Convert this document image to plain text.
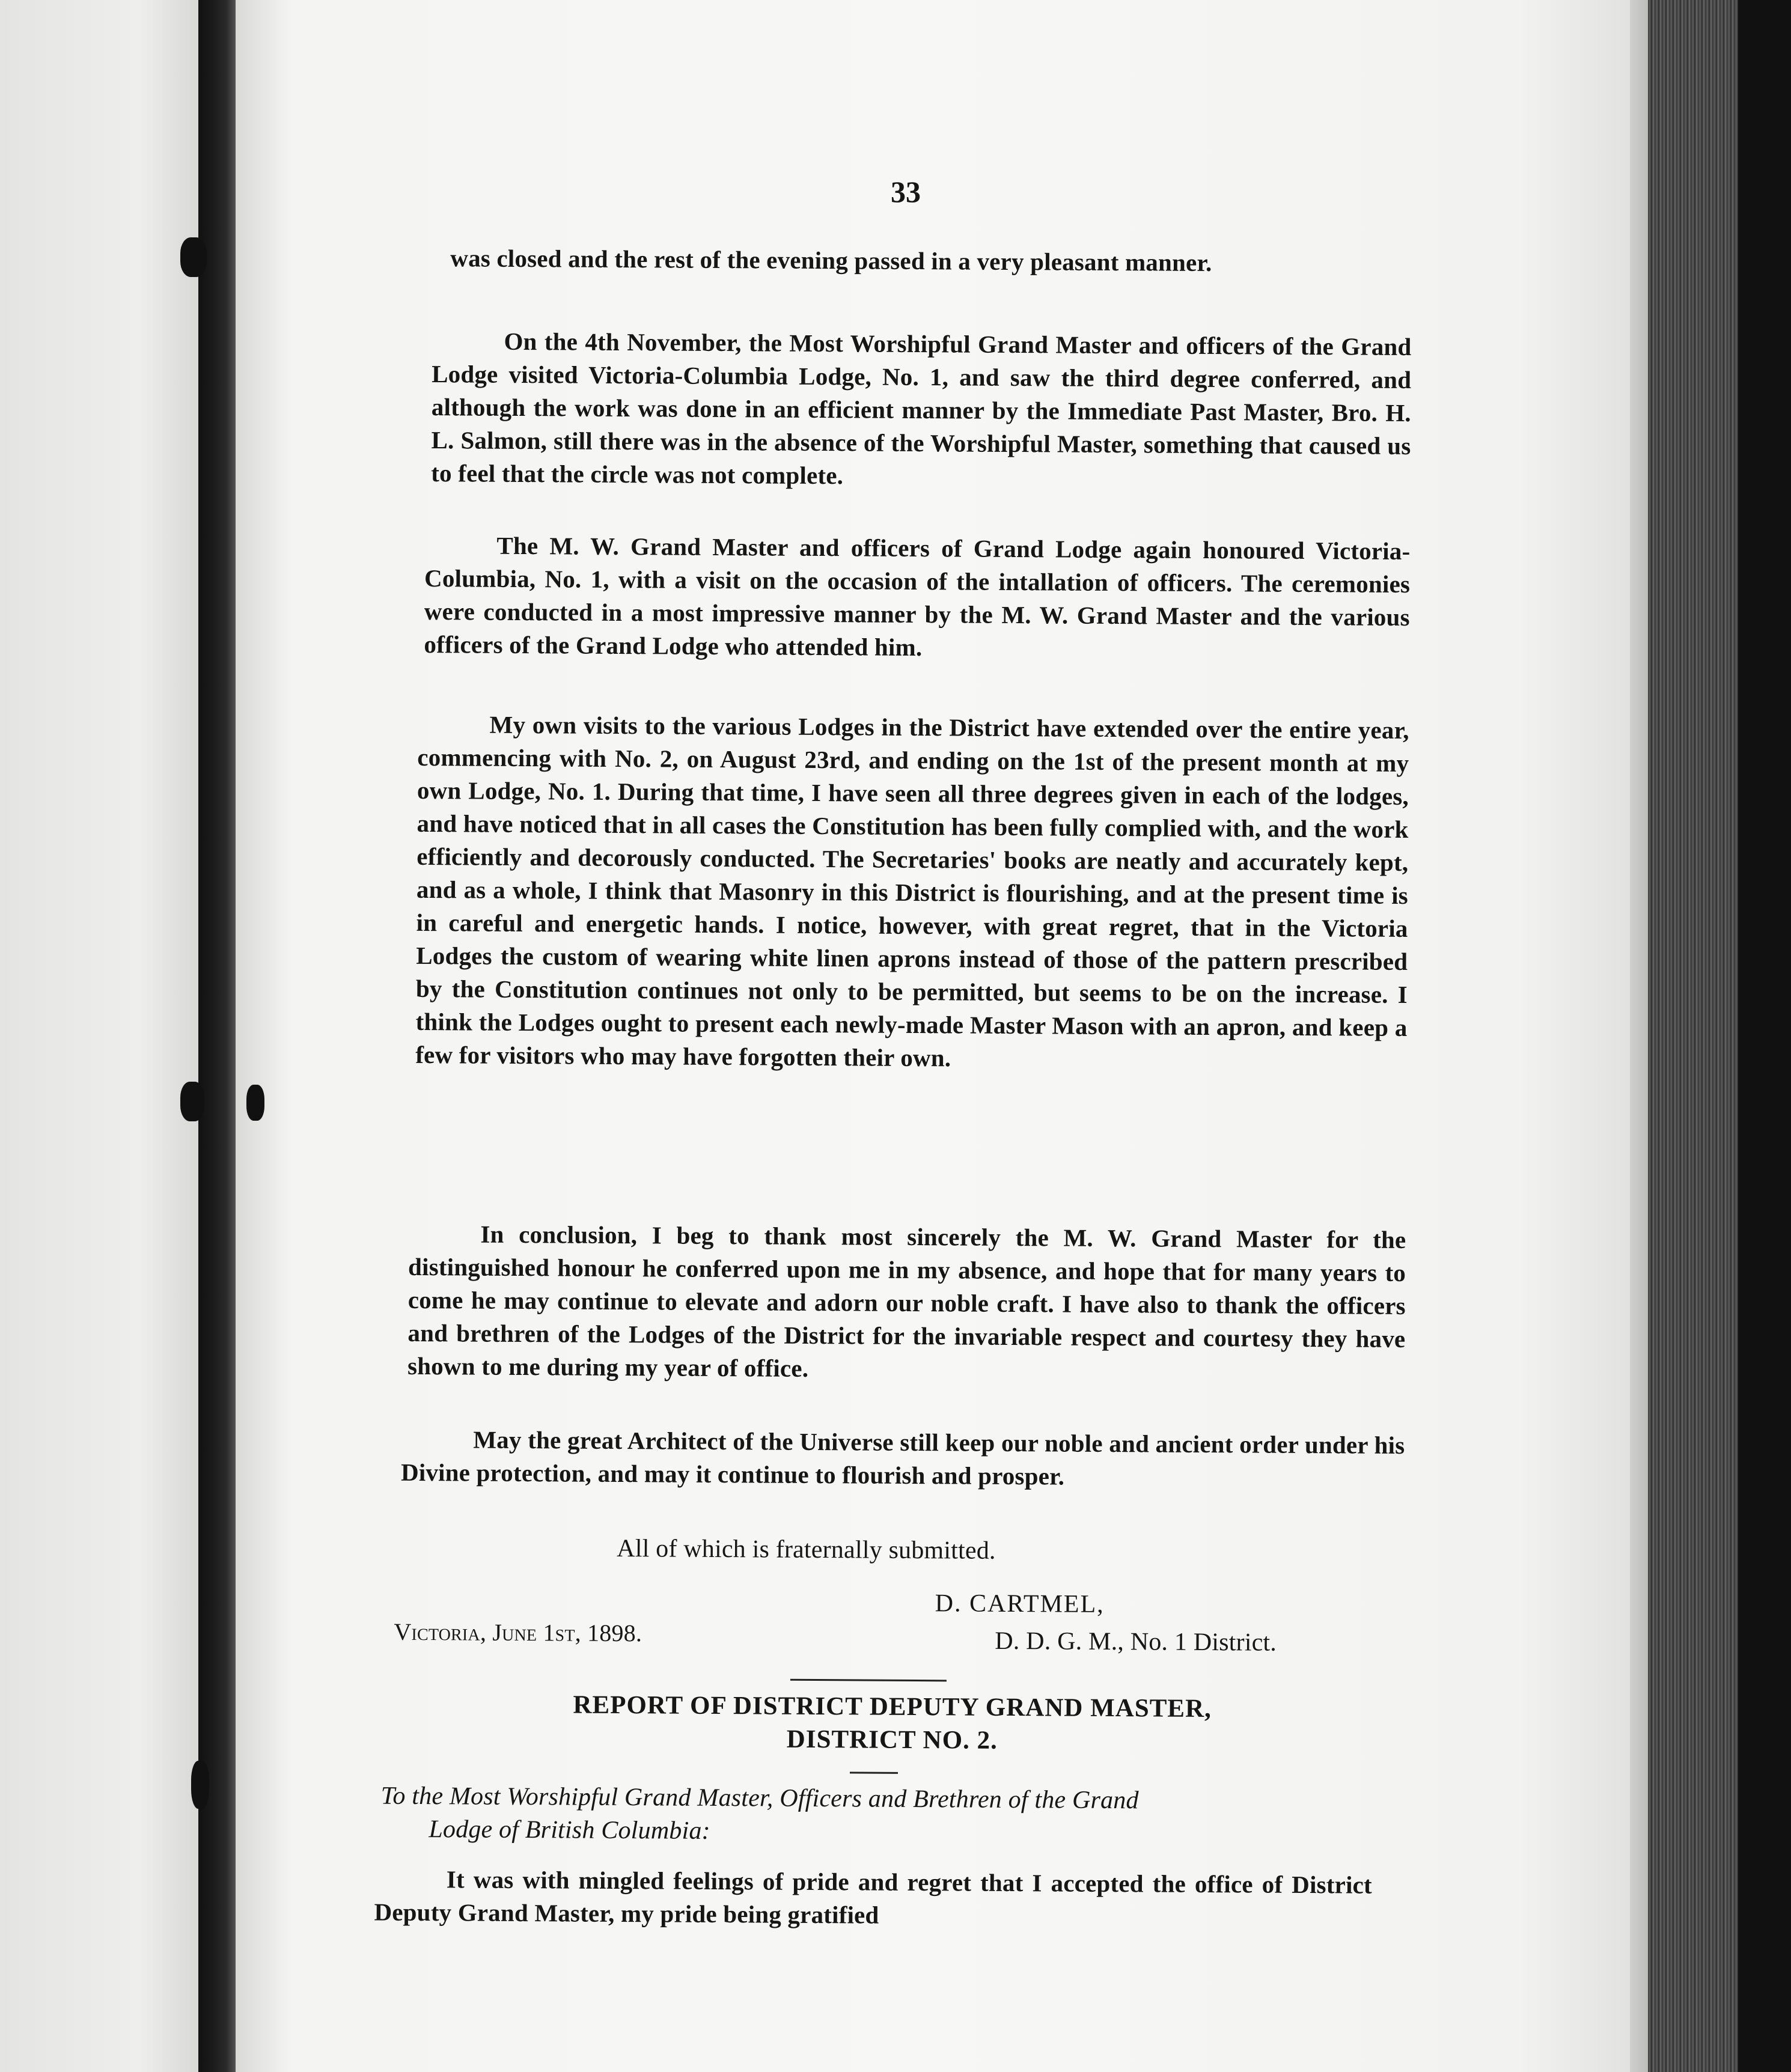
33

was closed and the rest of the evening passed in a very pleasant manner.

On the 4th November, the Most Worshipful Grand Master and officers of the Grand Lodge visited Victoria-Columbia Lodge, No. 1, and saw the third degree conferred, and although the work was done in an efficient manner by the Immediate Past Master, Bro. H. L. Salmon, still there was in the absence of the Worshipful Master, something that caused us to feel that the circle was not complete.

The M. W. Grand Master and officers of Grand Lodge again honoured Victoria-Columbia, No. 1, with a visit on the occasion of the intallation of officers. The ceremonies were conducted in a most impressive manner by the M. W. Grand Master and the various officers of the Grand Lodge who attended him.

My own visits to the various Lodges in the District have extended over the entire year, commencing with No. 2, on August 23rd, and ending on the 1st of the present month at my own Lodge, No. 1. During that time, I have seen all three degrees given in each of the lodges, and have noticed that in all cases the Constitution has been fully complied with, and the work efficiently and decorously conducted. The Secretaries' books are neatly and accurately kept, and as a whole, I think that Masonry in this District is flourishing, and at the present time is in careful and energetic hands. I notice, however, with great regret, that in the Victoria Lodges the custom of wearing white linen aprons instead of those of the pattern prescribed by the Constitution continues not only to be permitted, but seems to be on the increase. I think the Lodges ought to present each newly-made Master Mason with an apron, and keep a few for visitors who may have forgotten their own.

In conclusion, I beg to thank most sincerely the M. W. Grand Master for the distinguished honour he conferred upon me in my absence, and hope that for many years to come he may continue to elevate and adorn our noble craft. I have also to thank the officers and brethren of the Lodges of the District for the invariable respect and courtesy they have shown to me during my year of office.

May the great Architect of the Universe still keep our noble and ancient order under his Divine protection, and may it continue to flourish and prosper.

All of which is fraternally submitted.
D. CARTMEL,
Victoria, June 1st, 1898.	D. D. G. M., No. 1 District.
REPORT OF DISTRICT DEPUTY GRAND MASTER,
DISTRICT NO. 2.
To the Most Worshipful Grand Master, Officers and Brethren of the Grand
Lodge of British Columbia:

It was with mingled feelings of pride and regret that I accepted the office of District Deputy Grand Master, my pride being gratified
